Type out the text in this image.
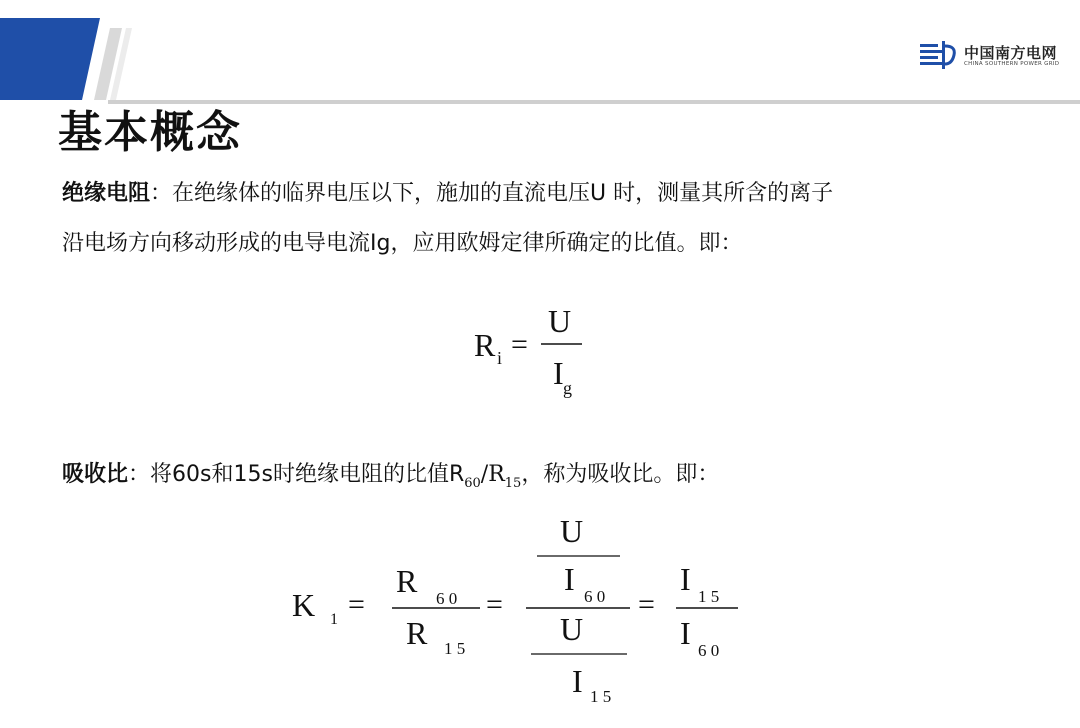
中国南方电网
CHINA SOUTHERN POWER GRID
基本概念
绝缘电阻：在绝缘体的临界电压以下，施加的直流电压U 时，测量其所含的离子
沿电场方向移动形成的电导电流Ig，应用欧姆定律所确定的比值。即：
吸收比：将60s和15s时绝缘电阻的比值$R_{60}/R_{15}$，称为吸收比。即：
R i =
U
I g
K 1 =
R 6 0
R 1 5
=
U
I 6 0
U
I 1 5
=
I 1 5
I 6 0
